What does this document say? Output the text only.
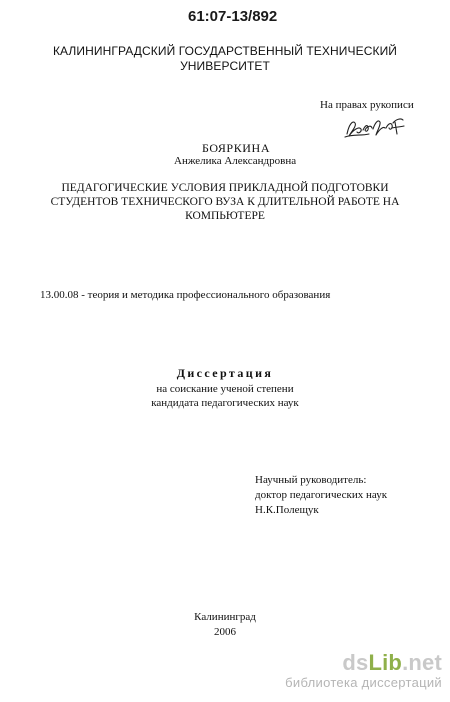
61:07-13/892
КАЛИНИНГРАДСКИЙ ГОСУДАРСТВЕННЫЙ ТЕХНИЧЕСКИЙ
УНИВЕРСИТЕТ
На правах рукописи
БОЯРКИНА
Анжелика Александровна
ПЕДАГОГИЧЕСКИЕ УСЛОВИЯ ПРИКЛАДНОЙ ПОДГОТОВКИ
СТУДЕНТОВ ТЕХНИЧЕСКОГО ВУЗА К ДЛИТЕЛЬНОЙ РАБОТЕ НА
КОМПЬЮТЕРЕ
13.00.08 - теория и методика профессионального образования
Диссертация
на соискание ученой степени
кандидата педагогических наук
Научный руководитель:
доктор педагогических наук
Н.К.Полещук
Калининград
2006
dsLib.net
библиотека диссертаций
